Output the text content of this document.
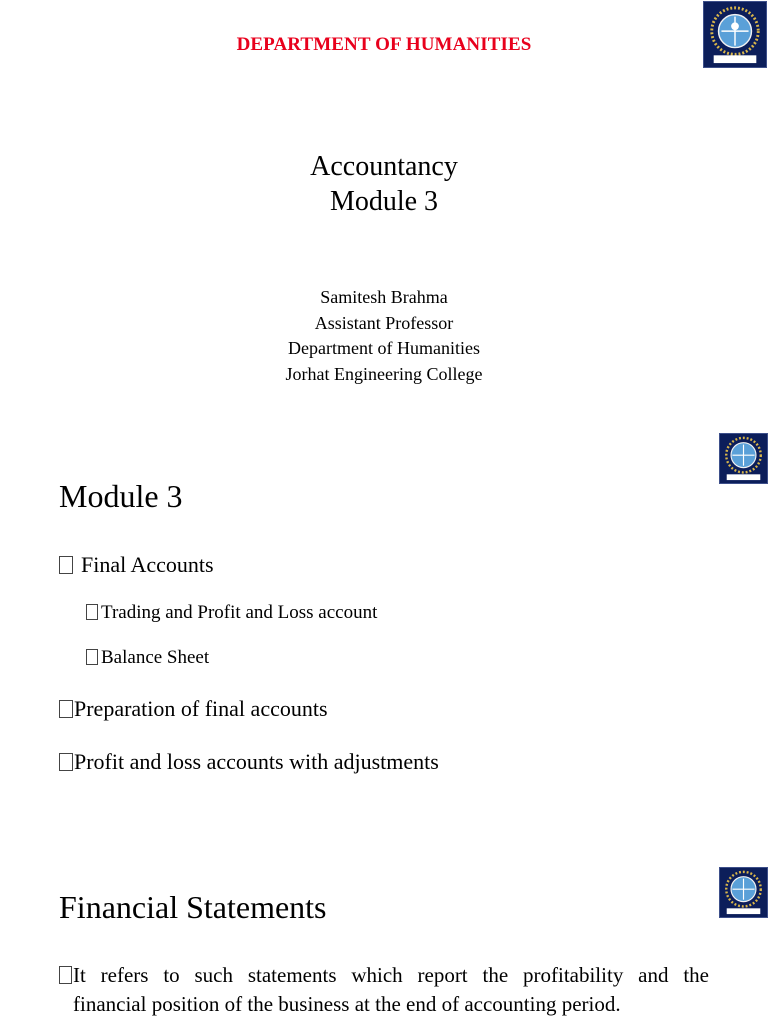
DEPARTMENT OF HUMANITIES
Accountancy
Module 3
Samitesh Brahma
Assistant Professor
Department of Humanities
Jorhat Engineering College
Module 3
Final Accounts
Trading and Profit and Loss account
Balance Sheet
Preparation of final accounts
Profit and loss accounts with adjustments
Financial Statements
It refers to such statements which report the profitability and the
financial position of the business at the end of accounting period.
